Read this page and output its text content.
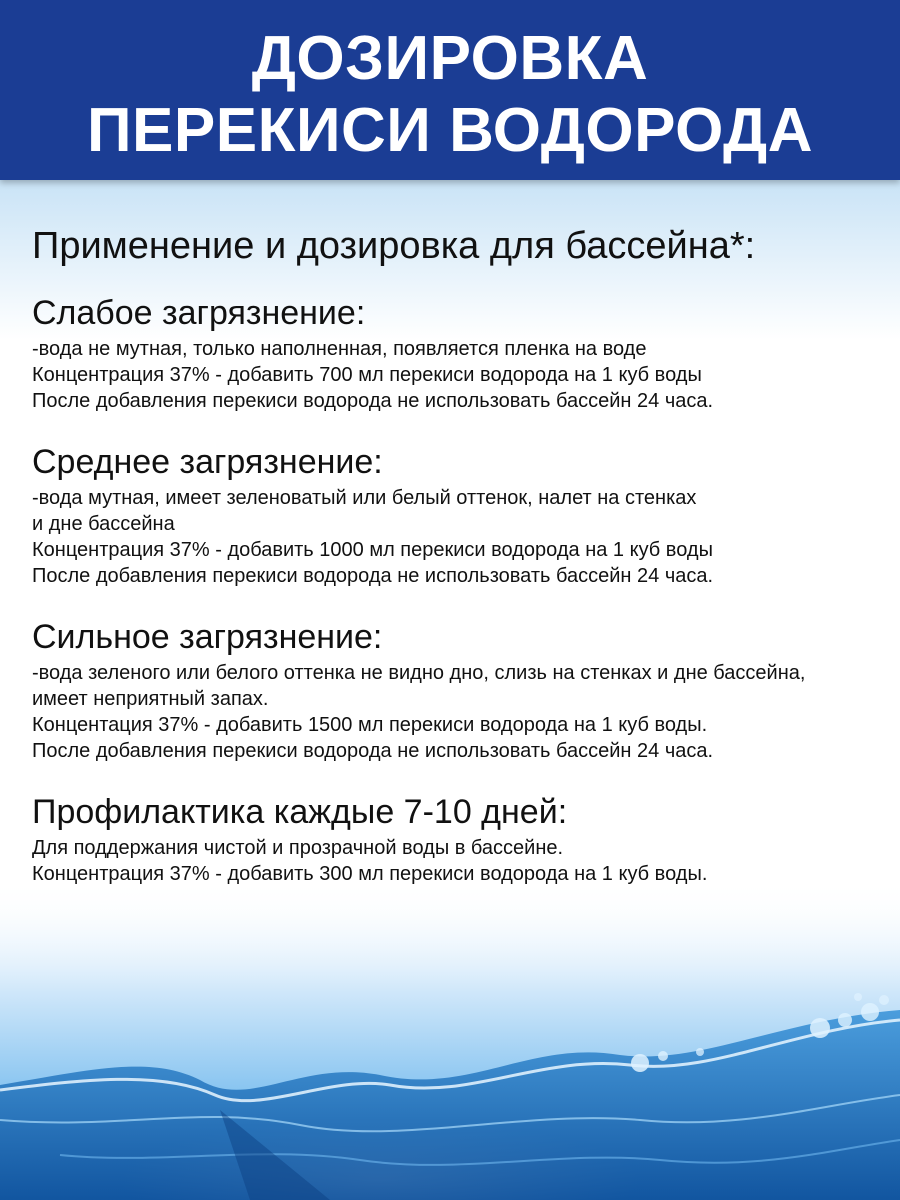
ДОЗИРОВКА
ПЕРЕКИСИ ВОДОРОДА
Применение и дозировка для бассейна*:
Слабое загрязнение:
-вода не мутная, только наполненная, появляется пленка на воде
Концентрация 37% - добавить 700 мл перекиси водорода на 1 куб воды
После добавления перекиси водорода не использовать бассейн 24 часа.
Среднее загрязнение:
-вода мутная, имеет зеленоватый или белый оттенок, налет на стенках
и дне бассейна
Концентрация 37% - добавить 1000 мл перекиси водорода на 1 куб воды
После добавления перекиси водорода не использовать бассейн 24 часа.
Сильное загрязнение:
-вода зеленого или белого оттенка не видно дно, слизь на стенках и дне бассейна,
имеет неприятный запах.
Концентация 37% - добавить 1500 мл перекиси водорода на 1 куб воды.
После добавления перекиси водорода не использовать бассейн 24 часа.
Профилактика каждые 7-10 дней:
Для поддержания чистой и прозрачной воды в бассейне.
Концентрация 37% - добавить 300 мл перекиси водорода на 1 куб воды.
